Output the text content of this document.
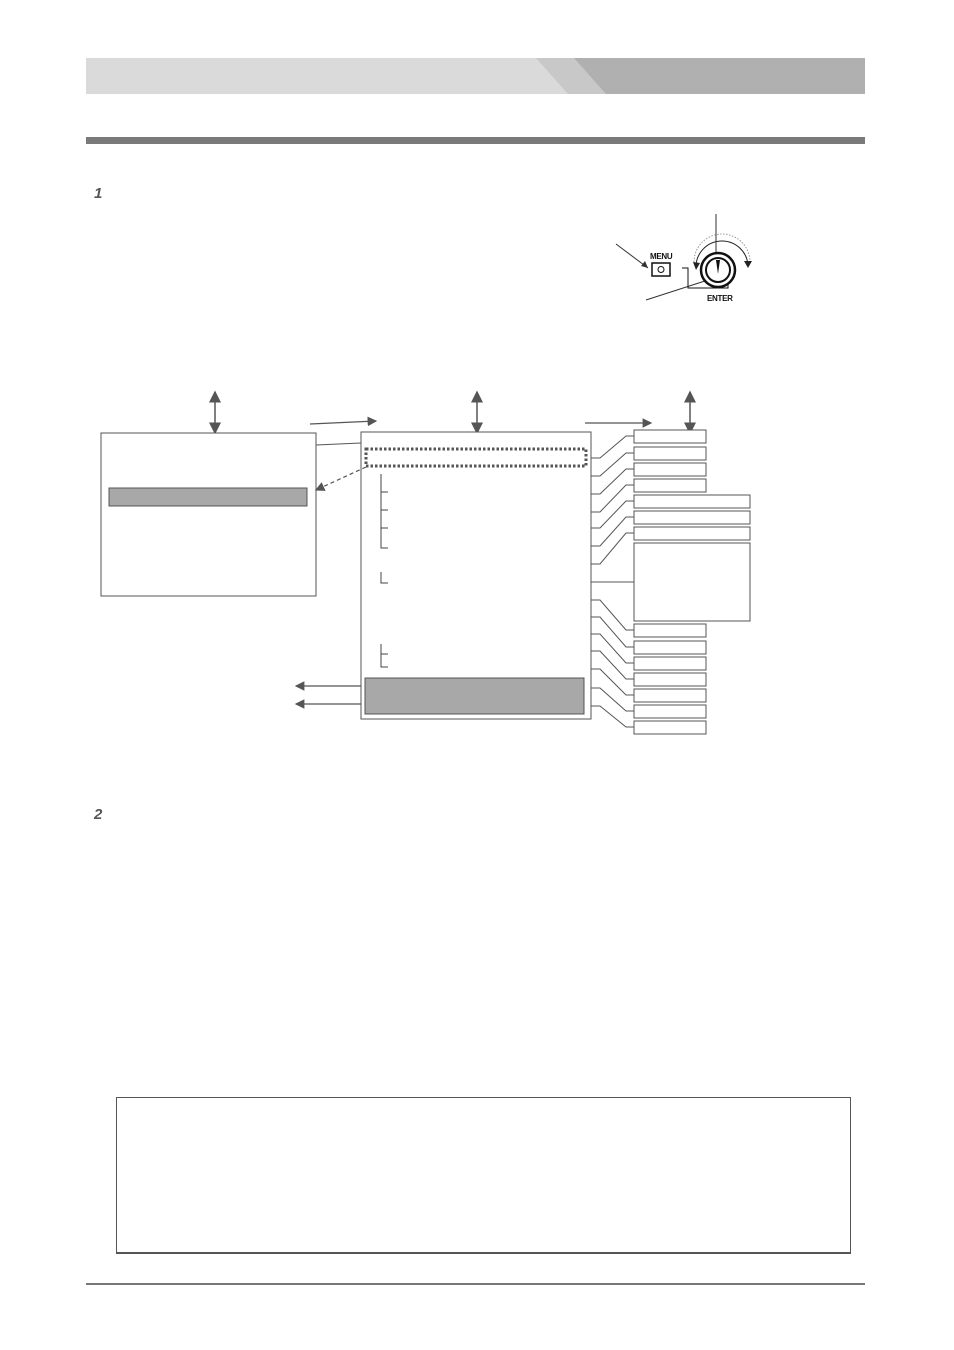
1
MENU
ENTER
2
